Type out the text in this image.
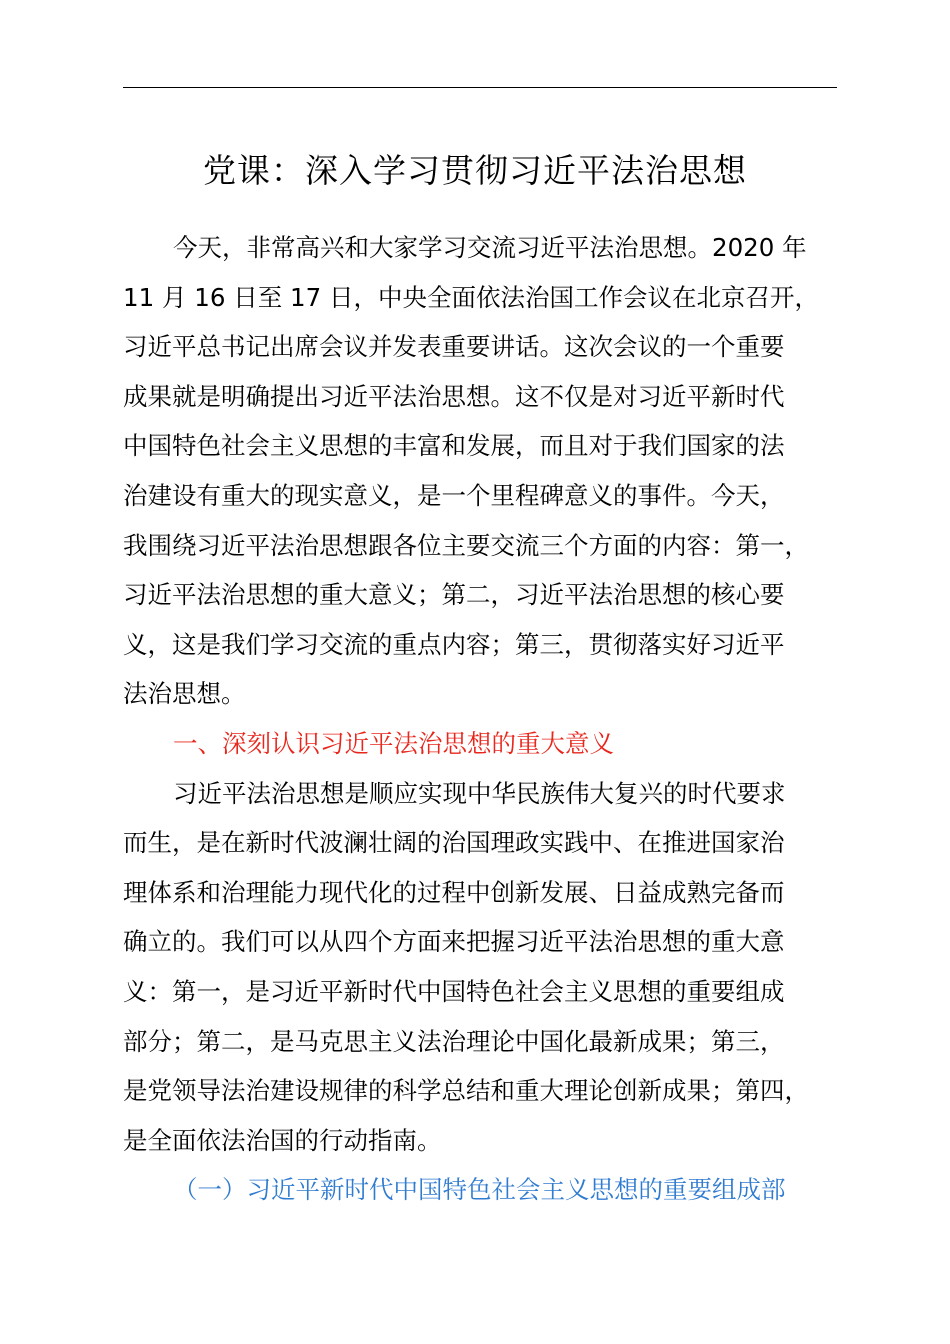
党课：深入学习贯彻习近平法治思想
今天，非常高兴和大家学习交流习近平法治思想。2020 年
11 月 16 日至 17 日，中央全面依法治国工作会议在北京召开，
习近平总书记出席会议并发表重要讲话。这次会议的一个重要
成果就是明确提出习近平法治思想。这不仅是对习近平新时代
中国特色社会主义思想的丰富和发展，而且对于我们国家的法
治建设有重大的现实意义，是一个里程碑意义的事件。今天，
我围绕习近平法治思想跟各位主要交流三个方面的内容：第一，
习近平法治思想的重大意义；第二，习近平法治思想的核心要
义，这是我们学习交流的重点内容；第三，贯彻落实好习近平
法治思想。
一、深刻认识习近平法治思想的重大意义
习近平法治思想是顺应实现中华民族伟大复兴的时代要求
而生，是在新时代波澜壮阔的治国理政实践中、在推进国家治
理体系和治理能力现代化的过程中创新发展、日益成熟完备而
确立的。我们可以从四个方面来把握习近平法治思想的重大意
义：第一，是习近平新时代中国特色社会主义思想的重要组成
部分；第二，是马克思主义法治理论中国化最新成果；第三，
是党领导法治建设规律的科学总结和重大理论创新成果；第四，
是全面依法治国的行动指南。
（一）习近平新时代中国特色社会主义思想的重要组成部
